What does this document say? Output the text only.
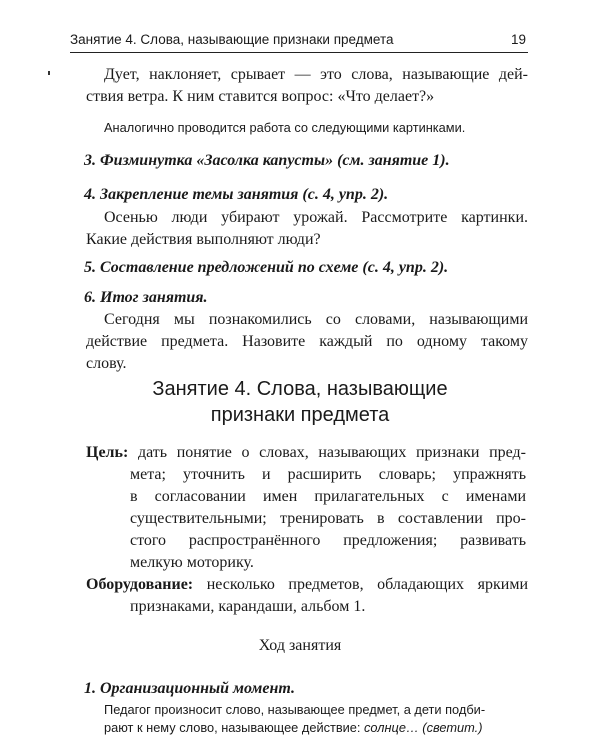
Занятие 4. Слова, называющие признаки предмета	19
Дует, наклоняет, срывает — это слова, называющие дей-
ствия ветра. К ним ставится вопрос: «Что делает?»
Аналогично проводится работа со следующими картинками.
3. Физминутка «Засолка капусты» (см. занятие 1).
4. Закрепление темы занятия (с. 4, упр. 2).
Осенью люди убирают урожай. Рассмотрите картинки.
Какие действия выполняют люди?
5. Составление предложений по схеме (с. 4, упр. 2).
6. Итог занятия.
Сегодня мы познакомились со словами, называющими
действие предмета. Назовите каждый по одному такому
слову.
Занятие 4. Слова, называющие
признаки предмета
Цель: дать понятие о словах, называющих признаки пред-
мета; уточнить и расширить словарь; упражнять
в согласовании имен прилагательных с именами
существительными; тренировать в составлении про-
стого распространённого предложения; развивать
мелкую моторику.
Оборудование: несколько предметов, обладающих яркими
признаками, карандаши, альбом 1.
Ход занятия
1. Организационный момент.
Педагог произносит слово, называющее предмет, а дети подби-
рают к нему слово, называющее действие: солнце… (светит.)
